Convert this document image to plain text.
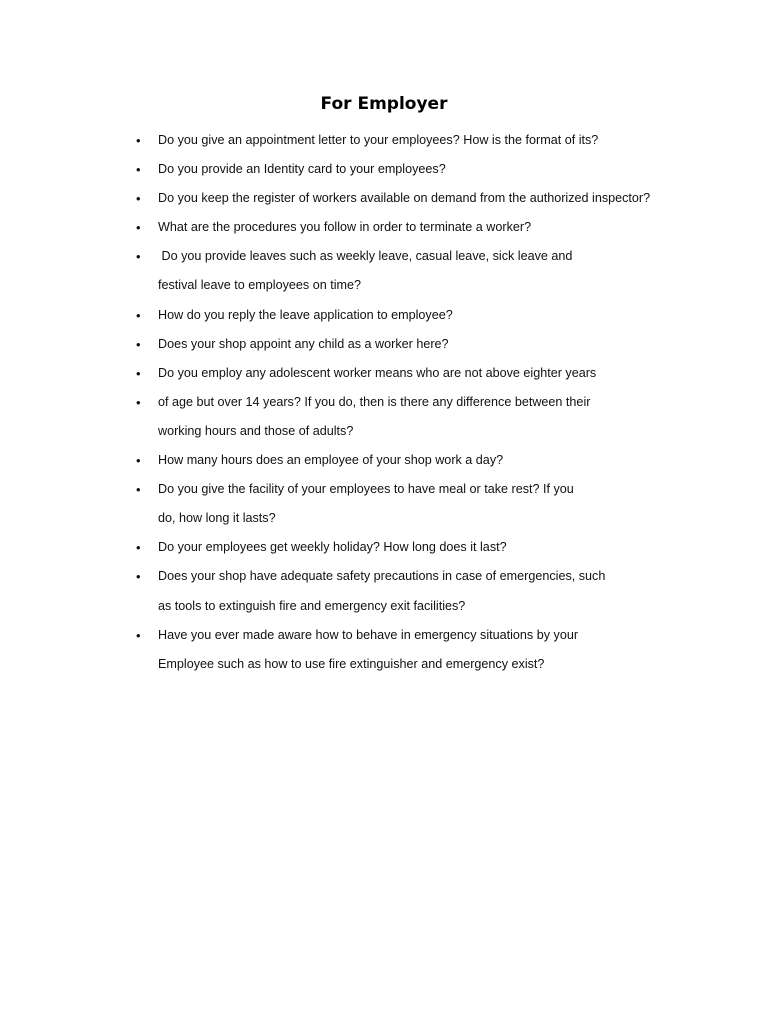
For Employer
• Do you give an appointment letter to your employees? How is the format of its?
• Do you provide an Identity card to your employees?
• Do you keep the register of workers available on demand from the authorized inspector?
• What are the procedures you follow in order to terminate a worker?
• Do you provide leaves such as weekly leave, casual leave, sick leave and
festival leave to employees on time?
• How do you reply the leave application to employee?
• Does your shop appoint any child as a worker here?
• Do you employ any adolescent worker means who are not above eighter years
• of age but over 14 years? If you do, then is there any difference between their
working hours and those of adults?
• How many hours does an employee of your shop work a day?
• Do you give the facility of your employees to have meal or take rest? If you
do, how long it lasts?
• Do your employees get weekly holiday? How long does it last?
• Does your shop have adequate safety precautions in case of emergencies, such
as tools to extinguish fire and emergency exit facilities?
• Have you ever made aware how to behave in emergency situations by your
Employee such as how to use fire extinguisher and emergency exist?
